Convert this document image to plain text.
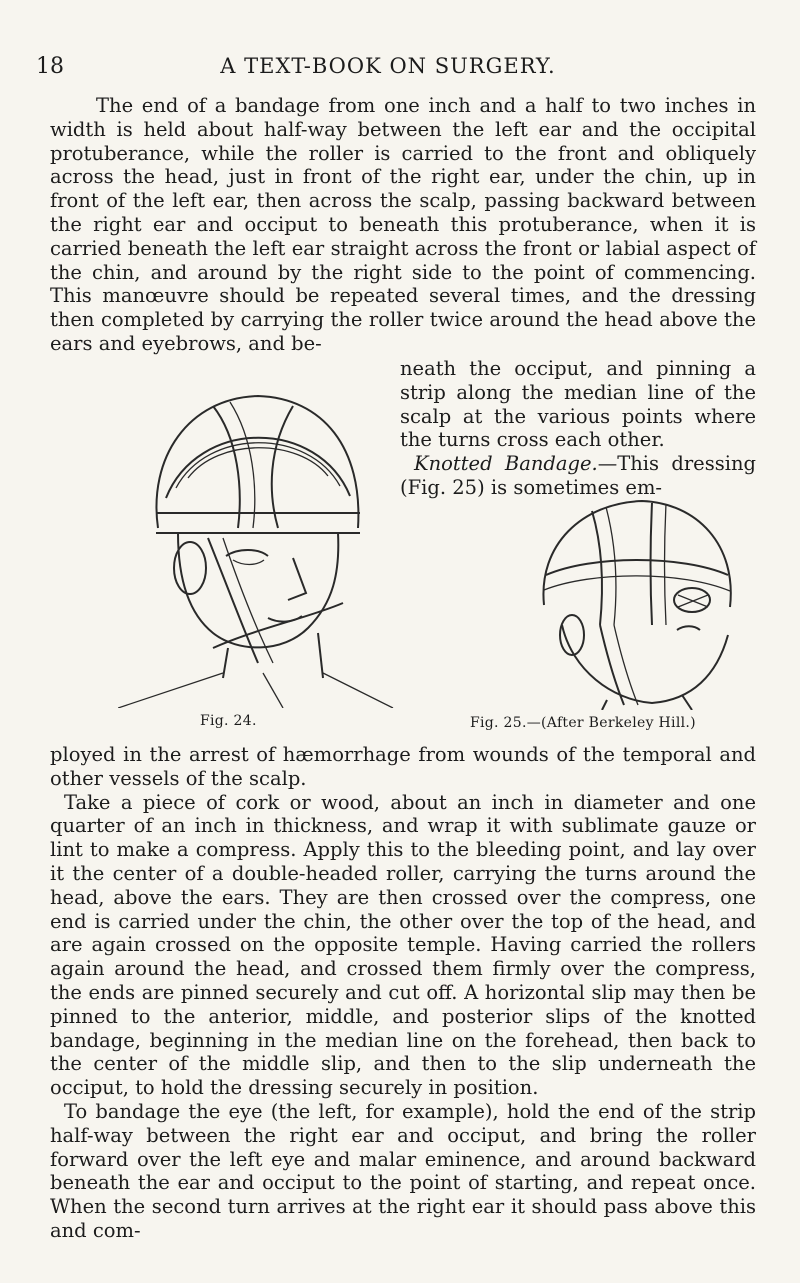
18	A TEXT-BOOK ON SURGERY.

The end of a bandage from one inch and a half to two inches in width is held about half-way between the left ear and the occipital protuberance, while the roller is carried to the front and obliquely across the head, just in front of the right ear, under the chin, up in front of the left ear, then across the scalp, passing backward between the right ear and occiput to beneath this protuberance, when it is carried beneath the left ear straight across the front or labial aspect of the chin, and around by the right side to the point of commencing. This manœuvre should be repeated several times, and the dressing then completed by carrying the roller twice around the head above the ears and eyebrows, and be-

neath the occiput, and pinning a strip along the median line of the scalp at the various points where the turns cross each other.

Knotted Bandage.—This dressing (Fig. 25) is sometimes em-

Fig. 24.	Fig. 25.—(After Berkeley Hill.)

ployed in the arrest of hæmorrhage from wounds of the temporal and other vessels of the scalp.

Take a piece of cork or wood, about an inch in diameter and one quarter of an inch in thickness, and wrap it with sublimate gauze or lint to make a compress. Apply this to the bleeding point, and lay over it the center of a double-headed roller, carrying the turns around the head, above the ears. They are then crossed over the compress, one end is carried under the chin, the other over the top of the head, and are again crossed on the opposite temple. Having carried the rollers again around the head, and crossed them firmly over the compress, the ends are pinned securely and cut off. A horizontal slip may then be pinned to the anterior, middle, and posterior slips of the knotted bandage, beginning in the median line on the forehead, then back to the center of the middle slip, and then to the slip underneath the occiput, to hold the dressing securely in position.

To bandage the eye (the left, for example), hold the end of the strip half-way between the right ear and occiput, and bring the roller forward over the left eye and malar eminence, and around backward beneath the ear and occiput to the point of starting, and repeat once. When the second turn arrives at the right ear it should pass above this and com-
